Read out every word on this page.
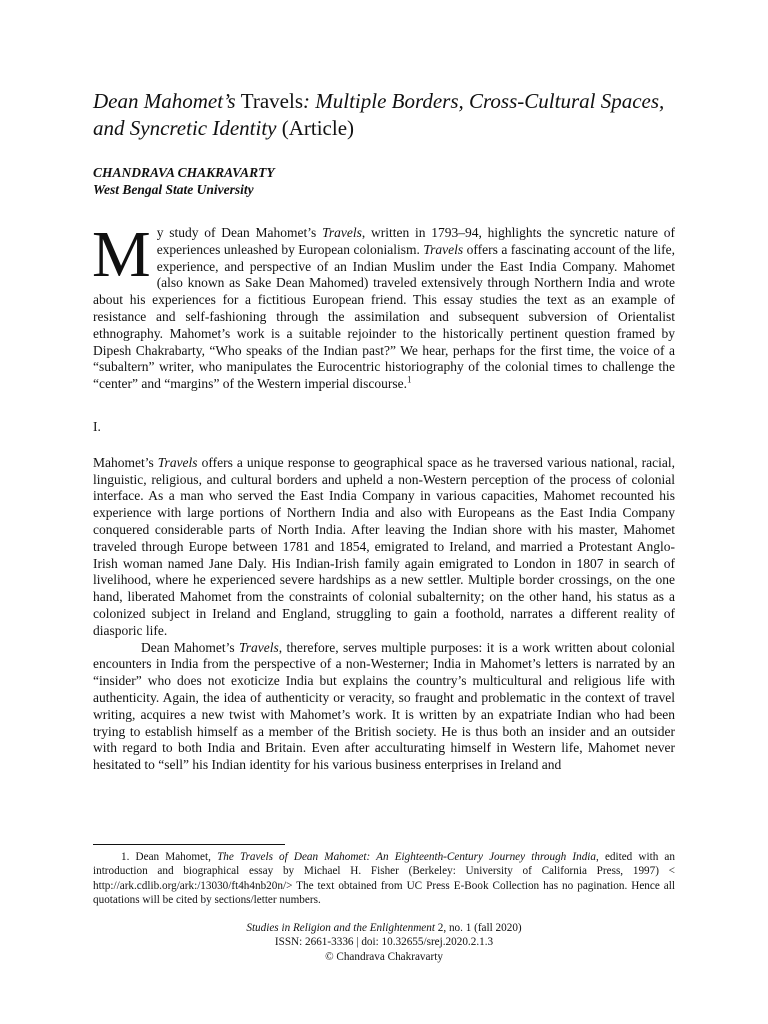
Dean Mahomet’s Travels: Multiple Borders, Cross-Cultural Spaces, and Syncretic Identity (Article)
CHANDRAVA CHAKRAVARTY
West Bengal State University

My study of Dean Mahomet’s Travels, written in 1793–94, highlights the syncretic nature of experiences unleashed by European colonialism. Travels offers a fascinating account of the life, experience, and perspective of an Indian Muslim under the East India Company. Mahomet (also known as Sake Dean Mahomed) traveled extensively through Northern India and wrote about his experiences for a fictitious European friend. This essay studies the text as an example of resistance and self-fashioning through the assimilation and subsequent subversion of Orientalist ethnography. Mahomet’s work is a suitable rejoinder to the historically pertinent question framed by Dipesh Chakrabarty, “Who speaks of the Indian past?” We hear, perhaps for the first time, the voice of a “subaltern” writer, who manipulates the Eurocentric historiography of the colonial times to challenge the “center” and “margins” of the Western imperial discourse.$^1$

I.

Mahomet’s Travels offers a unique response to geographical space as he traversed various national, racial, linguistic, religious, and cultural borders and upheld a non-Western perception of the process of colonial interface. As a man who served the East India Company in various capacities, Mahomet recounted his experience with large portions of Northern India and also with Europeans as the East India Company conquered considerable parts of North India. After leaving the Indian shore with his master, Mahomet traveled through Europe between 1781 and 1854, emigrated to Ireland, and married a Protestant Anglo-Irish woman named Jane Daly. His Indian-Irish family again emigrated to London in 1807 in search of livelihood, where he experienced severe hardships as a new settler. Multiple border crossings, on the one hand, liberated Mahomet from the constraints of colonial subalternity; on the other hand, his status as a colonized subject in Ireland and England, struggling to gain a foothold, narrates a different reality of diasporic life.

Dean Mahomet’s Travels, therefore, serves multiple purposes: it is a work written about colonial encounters in India from the perspective of a non-Westerner; India in Mahomet’s letters is narrated by an “insider” who does not exoticize India but explains the country’s multicultural and religious life with authenticity. Again, the idea of authenticity or veracity, so fraught and problematic in the context of travel writing, acquires a new twist with Mahomet’s work. It is written by an expatriate Indian who had been trying to establish himself as a member of the British society. He is thus both an insider and an outsider with regard to both India and Britain. Even after acculturating himself in Western life, Mahomet never hesitated to “sell” his Indian identity for his various business enterprises in Ireland and

1. Dean Mahomet, The Travels of Dean Mahomet: An Eighteenth-Century Journey through India, edited with an introduction and biographical essay by Michael H. Fisher (Berkeley: University of California Press, 1997) < http://ark.cdlib.org/ark:/13030/ft4h4nb20n/> The text obtained from UC Press E-Book Collection has no pagination. Hence all quotations will be cited by sections/letter numbers.
Studies in Religion and the Enlightenment 2, no. 1 (fall 2020)
ISSN: 2661-3336 | doi: 10.32655/srej.2020.2.1.3
© Chandrava Chakravarty
